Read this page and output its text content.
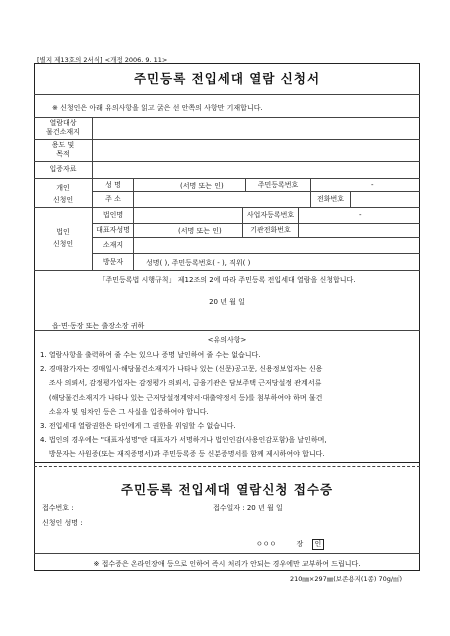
[별지 제13호의 2서식] <개정 2006. 9. 11>
주민등록 전입세대 열람 신청서
※ 신청인은 아래 유의사항을 읽고 굵은 선 안쪽의 사항만 기재합니다.
열람대상
물건소재지
용도 및
목적
입증자료
개인
신청인
성 명	(서명 또는 인)	주민등록번호	-
주 소	전화번호
법인
신청인
법인명	사업자등록번호	-
대표자성명	(서명 또는 인)	기관전화번호
소재지
방문자	성명( ), 주민등록번호( - ), 직위( )
「주민등록법 시행규칙」 제12조의 2에 따라 주민등록 전입세대 열람을 신청합니다.
20 년 월 일
읍·면·동장 또는 출장소장 귀하
<유의사항>
1. 열람사항을 출력하여 줄 수는 있으나 증명 날인하여 줄 수는 없습니다.
2. 경매참가자는 경매일시·해당물건소재지가 나타나 있는 (신문)공고문, 신용정보업자는 신용
조사 의뢰서, 감정평가업자는 감정평가 의뢰서, 금융기관은 담보주택 근저당설정 관계서류
(해당물건소재지가 나타나 있는 근저당설정계약서·대출약정서 등)를 첨부하여야 하며 물건
소유자 및 임차인 등은 그 사실을 입증하여야 합니다.
3. 전입세대 열람권한은 타인에게 그 권한을 위임할 수 없습니다.
4. 법인의 경우에는 "대표자성명"란 대표자가 서명하거나 법인인감(사용인감포함)을 날인하며,
방문자는 사원증(또는 재직증명서)과 주민등록증 등 신분증명서를 함께 제시하여야 합니다.
주민등록 전입세대 열람신청 접수증
접수번호 :	접수일자 : 20 년 월 일
신청인 성명 :
ㅇㅇㅇ	장 인
※ 접수증은 온라인장애 등으로 인하여 즉시 처리가 안되는 경우에만 교부하여 드립니다.
210㎜×297㎜(보존용지(1종) 70g/㎡)
